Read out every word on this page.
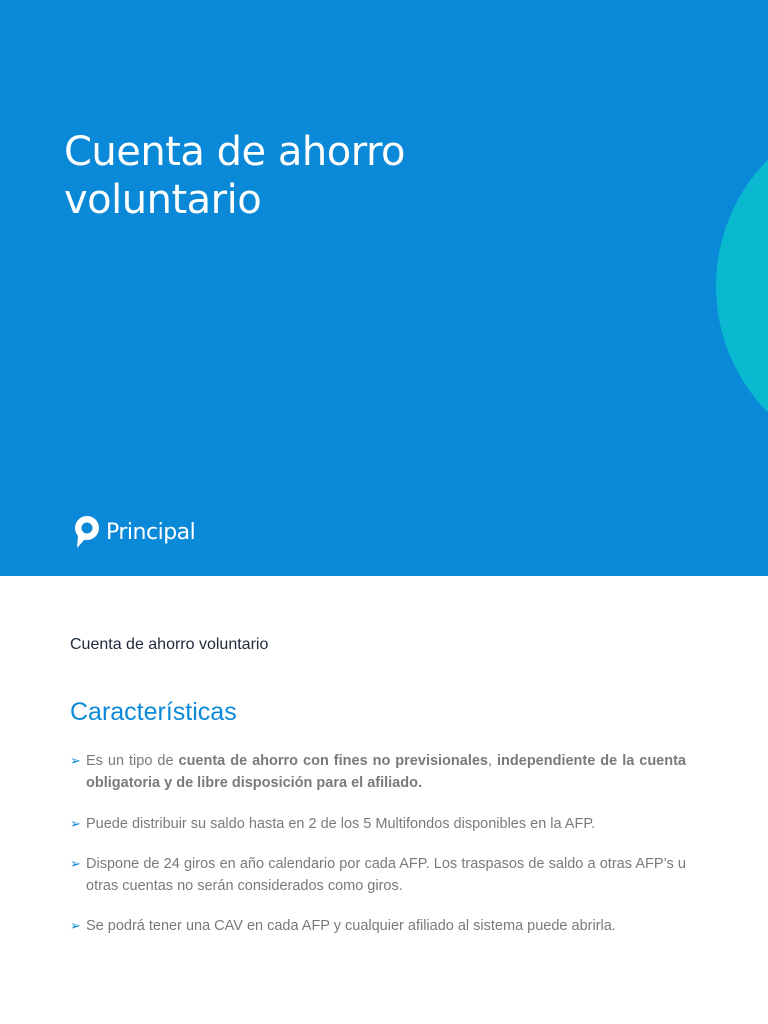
Cuenta de ahorro
voluntario
Principal

Cuenta de ahorro voluntario

Características
➢ Es un tipo de cuenta de ahorro con fines no previsionales, independiente de la cuenta obligatoria y de libre disposición para el afiliado.
➢ Puede distribuir su saldo hasta en 2 de los 5 Multifondos disponibles en la AFP.
➢ Dispone de 24 giros en año calendario por cada AFP. Los traspasos de saldo a otras AFP’s u otras cuentas no serán considerados como giros.
➢ Se podrá tener una CAV en cada AFP y cualquier afiliado al sistema puede abrirla.
